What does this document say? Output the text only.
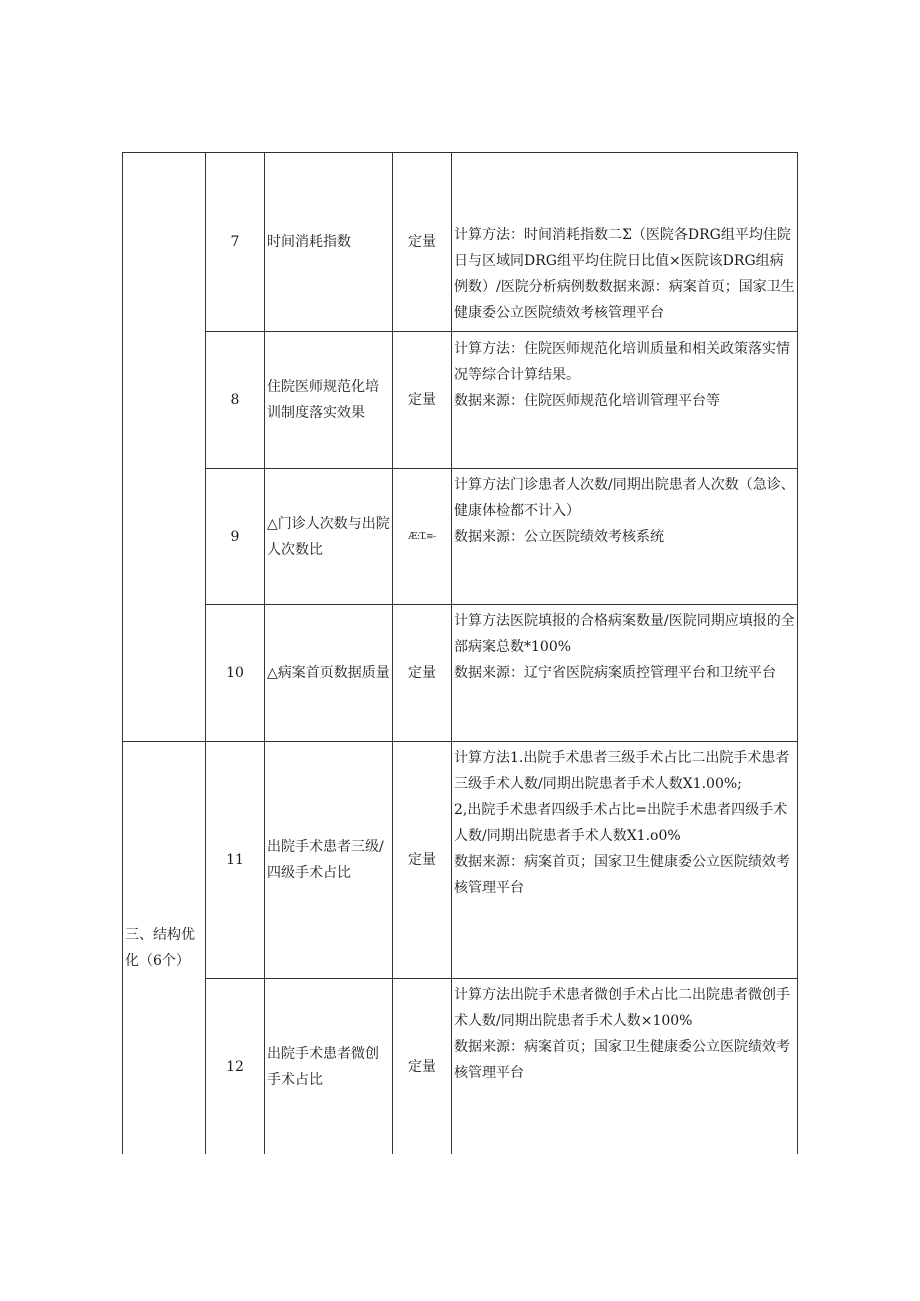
三、结构优化（6个）
7 时间消耗指数	定量 计算方法：时间消耗指数二Σ（医院各DRG组平均住院日与区域同DRG组平均住院日比值×医院该DRG组病例数）/医院分析病例数数据来源：病案首页；国家卫生健康委公立医院绩效考核管理平台

8
住院医师规范化培训制度落实效果
定量

计算方法：住院医师规范化培训质量和相关政策落实情况等综合计算结果。

数据来源：住院医师规范化培训管理平台等

9
△门诊人次数与出院人次数比
Æ:T.≡-

计算方法门诊患者人次数/同期出院患者人次数（急诊、健康体检都不计入）

数据来源：公立医院绩效考核系统

10 △病案首页数据质量 定量

计算方法医院填报的合格病案数量/医院同期应填报的全部病案总数*100%

数据来源：辽宁省医院病案质控管理平台和卫统平台

11
出院手术患者三级/四级手术占比
定量

计算方法1.出院手术患者三级手术占比二出院手术患者三级手术人数/同期出院患者手术人数X1.00%;

2,出院手术患者四级手术占比=出院手术患者四级手术人数/同期出院患者手术人数X1.o0%

数据来源：病案首页；国家卫生健康委公立医院绩效考核管理平台

12
出院手术患者微创手术占比
定量

计算方法出院手术患者微创手术占比二出院患者微创手术人数/同期出院患者手术人数×100%

数据来源：病案首页；国家卫生健康委公立医院绩效考核管理平台
